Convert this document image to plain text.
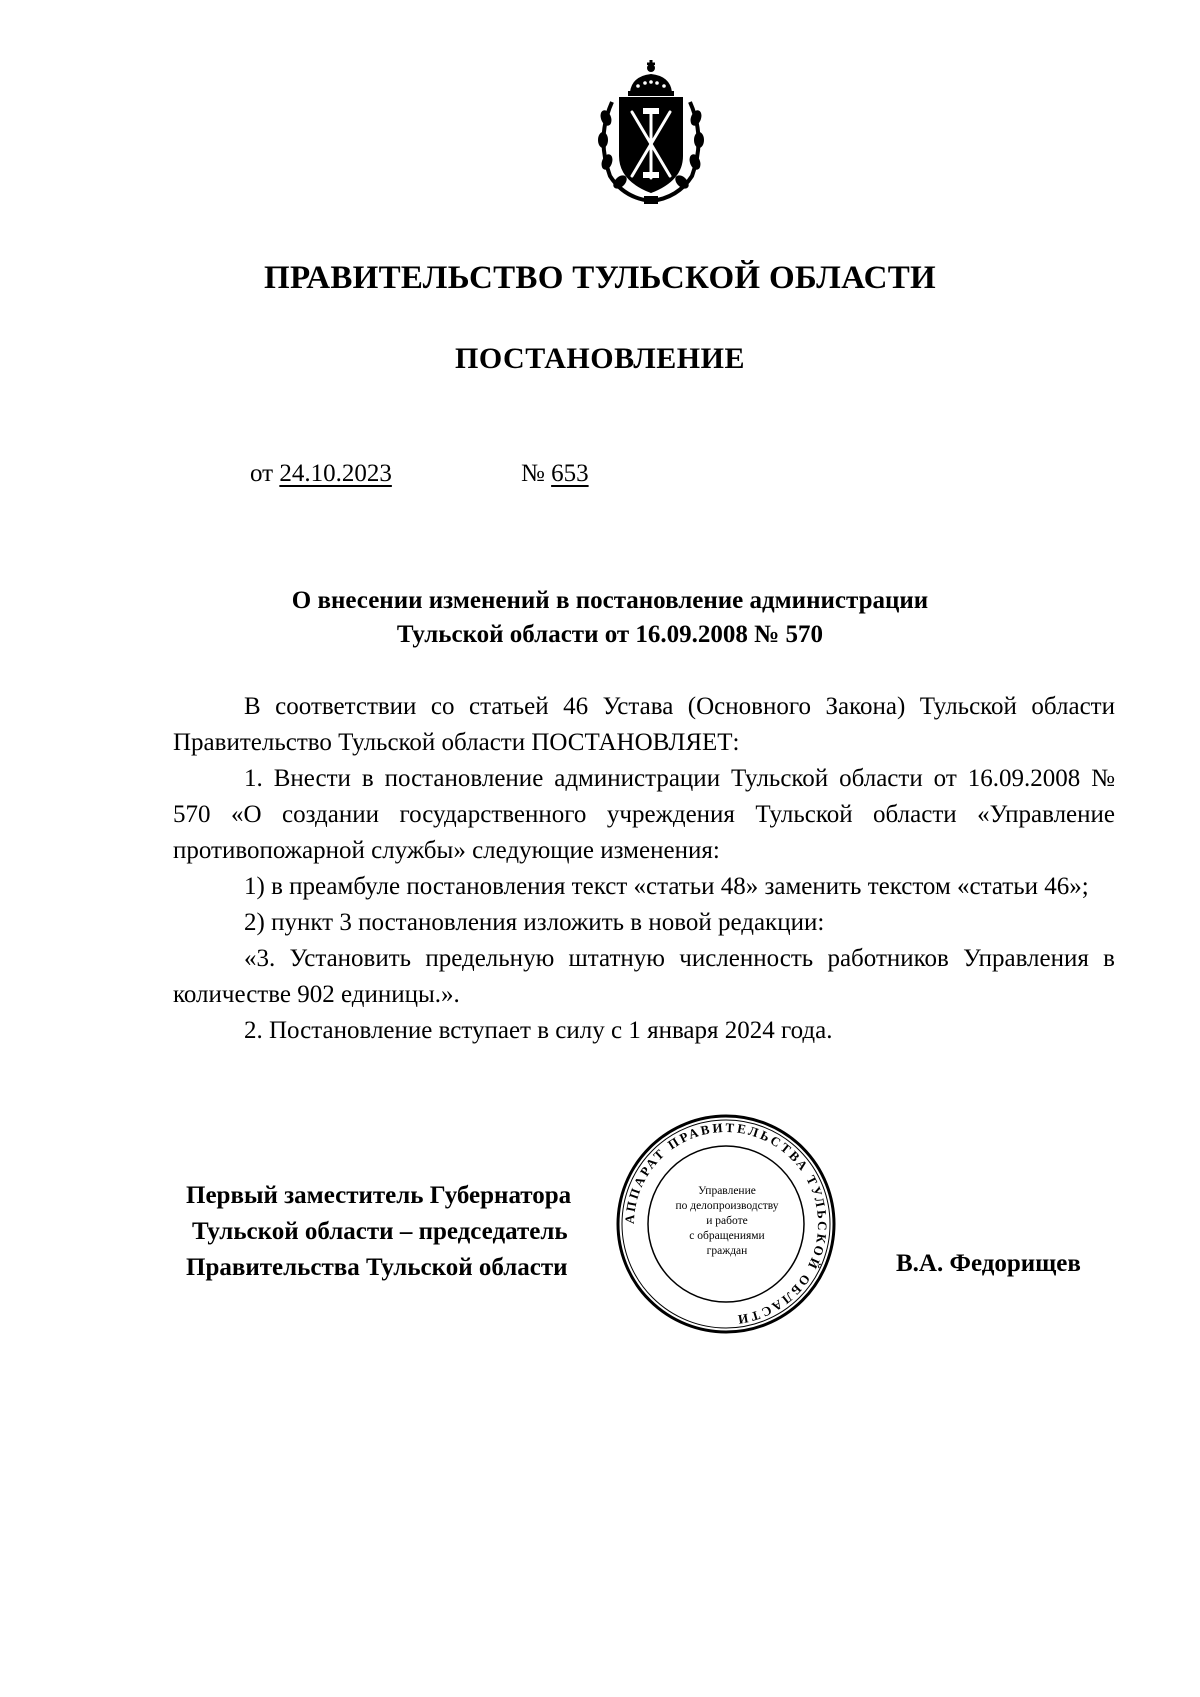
ПРАВИТЕЛЬСТВО ТУЛЬСКОЙ ОБЛАСТИ
ПОСТАНОВЛЕНИЕ
от 24.10.2023	№ 653
О внесении изменений в постановление администрации
Тульской области от 16.09.2008 № 570

В соответствии со статьей 46 Устава (Основного Закона) Тульской области Правительство Тульской области ПОСТАНОВЛЯЕТ:

1. Внести в постановление администрации Тульской области от 16.09.2008 № 570 «О создании государственного учреждения Тульской области «Управление противопожарной службы» следующие изменения:

1) в преамбуле постановления текст «статьи 48» заменить текстом «статьи 46»;

2) пункт 3 постановления изложить в новой редакции:

«3. Установить предельную штатную численность работников Управления в количестве 902 единицы.».

2. Постановление вступает в силу с 1 января 2024 года.

Первый заместитель Губернатора
Тульской области – председатель
Правительства Тульской области	В.А. Федорищев
АППАРАТ ПРАВИТЕЛЬСТВА ТУЛЬСКОЙ ОБЛАСТИ
Управление
по делопроизводству
и работе
с обращениями
граждан
